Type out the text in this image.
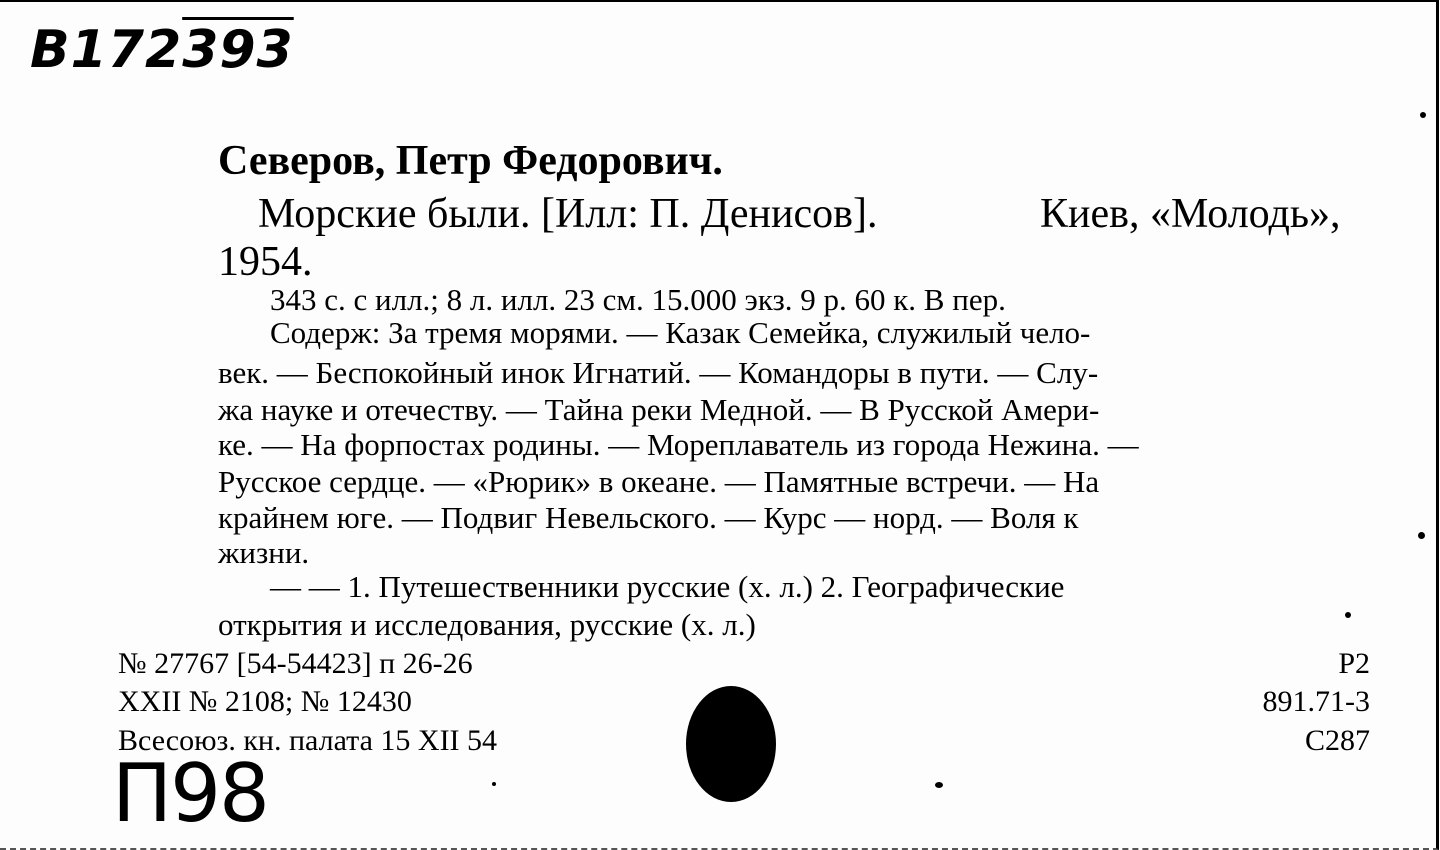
В172393
Северов, Петр Федорович.
Морские были. [Илл: П. Денисов].	Киев, «Молодь»,
1954.
343 с. с илл.; 8 л. илл. 23 см. 15.000 экз. 9 р. 60 к. В пер.
Содерж: За тремя морями. — Казак Семейка, служилый чело-
век. — Беспокойный инок Игнатий. — Командоры в пути. — Слу-
жа науке и отечеству. — Тайна реки Медной. — В Русской Амери-
ке. — На форпостах родины. — Мореплаватель из города Нежина. —
Русское сердце. — «Рюрик» в океане. — Памятные встречи. — На
крайнем югe. — Подвиг Невельского. — Курс — норд. — Воля к
жизни.
— — 1. Путешественники русские (х. л.) 2. Географические
открытия и исследования, русские (х. л.)
№ 27767 [54-54423] п 26-26
XXII № 2108; № 12430
Всесоюз. кн. палата 15 XII 54
Р2
891.71-3
С287
П98
